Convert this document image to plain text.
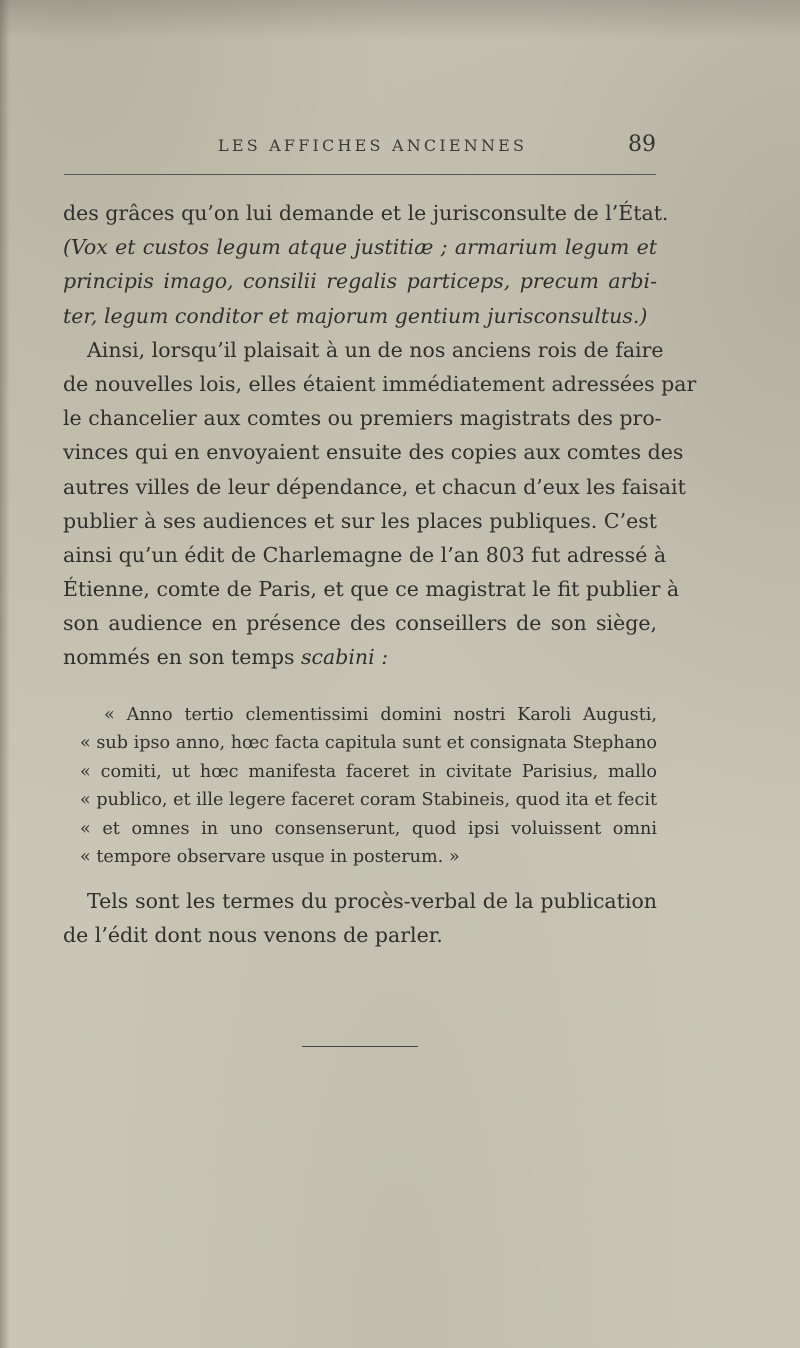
LES AFFICHES ANCIENNES	89
des grâces qu’on lui demande et le jurisconsulte de l’État.
(Vox et custos legum atque justitiæ ; armarium legum et
principis imago, consilii regalis particeps, precum arbi-
ter, legum conditor et majorum gentium jurisconsultus.)
Ainsi, lorsqu’il plaisait à un de nos anciens rois de faire
de nouvelles lois, elles étaient immédiatement adressées par
le chancelier aux comtes ou premiers magistrats des pro-
vinces qui en envoyaient ensuite des copies aux comtes des
autres villes de leur dépendance, et chacun d’eux les faisait
publier à ses audiences et sur les places publiques. C’est
ainsi qu’un édit de Charlemagne de l’an 803 fut adressé à
Étienne, comte de Paris, et que ce magistrat le fit publier à
son audience en présence des conseillers de son siège,
nommés en son temps scabini :
« Anno tertio clementissimi domini nostri Karoli Augusti,
« sub ipso anno, hœc facta capitula sunt et consignata Stephano
« comiti, ut hœc manifesta faceret in civitate Parisius, mallo
« publico, et ille legere faceret coram Stabineis, quod ita et fecit
« et omnes in uno consenserunt, quod ipsi voluissent omni
« tempore observare usque in posterum. »
Tels sont les termes du procès-verbal de la publication
de l’édit dont nous venons de parler.
